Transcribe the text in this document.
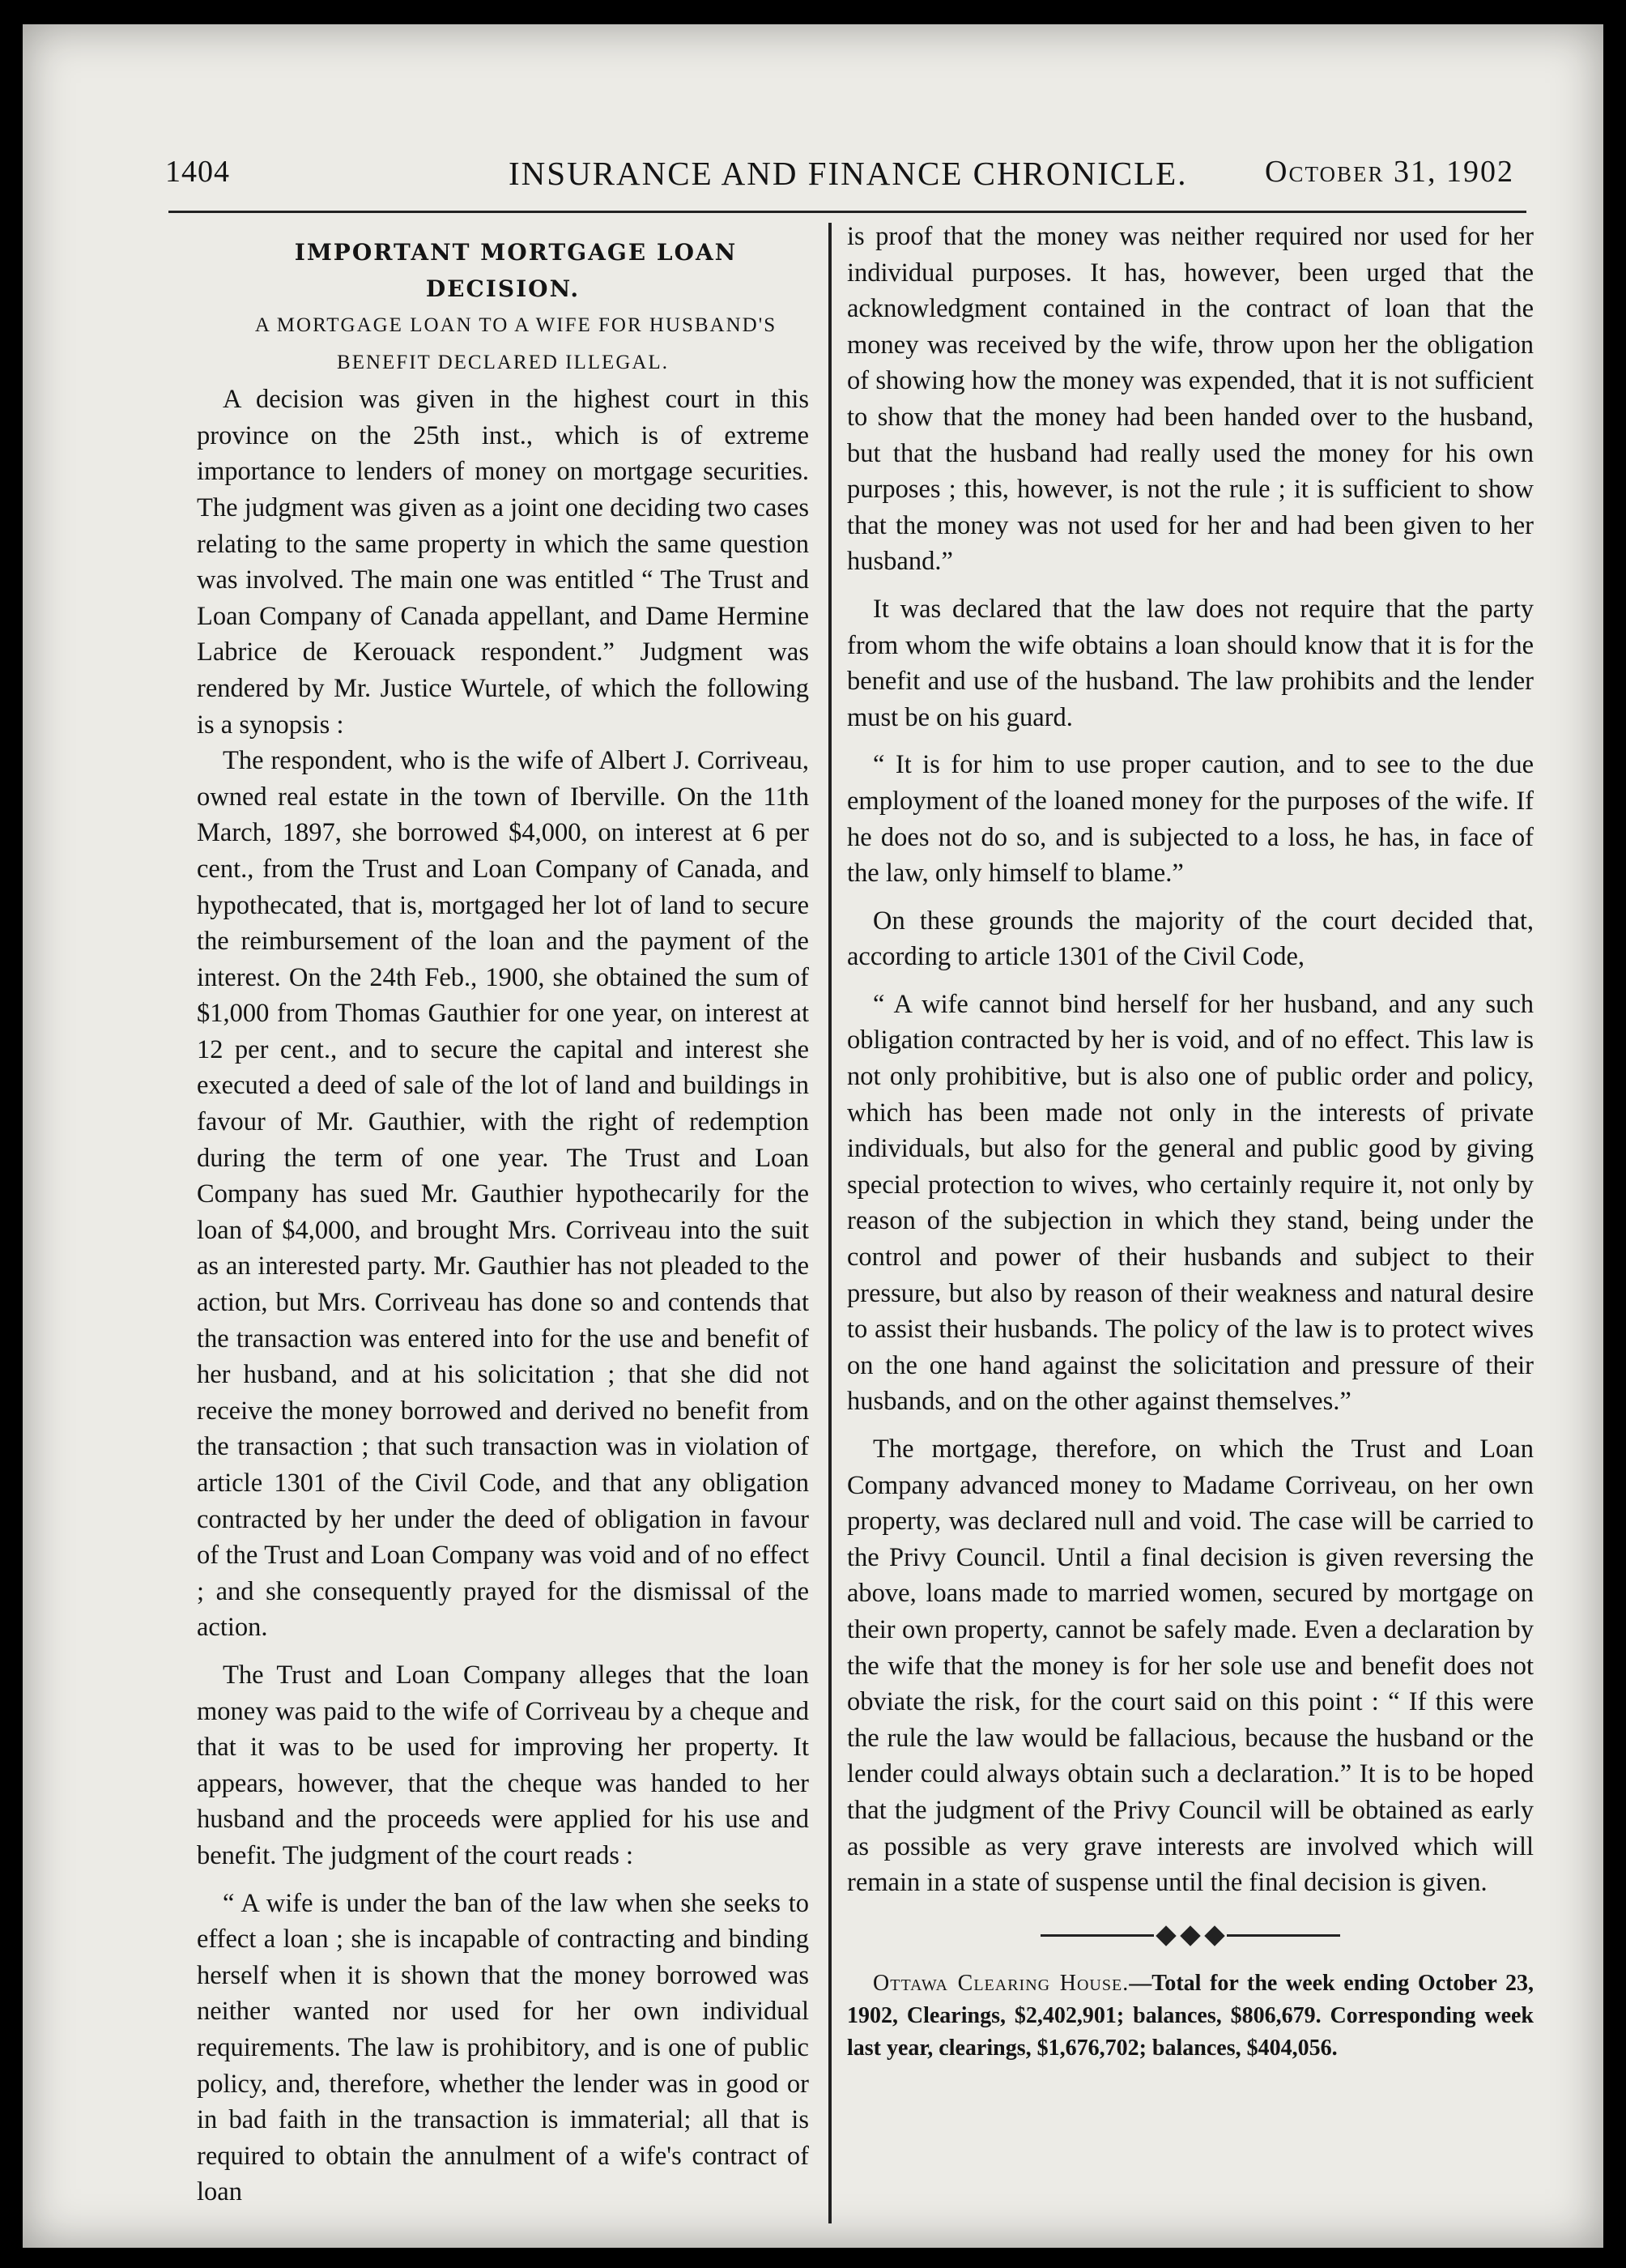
1404	INSURANCE AND FINANCE CHRONICLE.	October 31, 1902

IMPORTANT MORTGAGE LOAN DECISION.

A MORTGAGE LOAN TO A WIFE FOR HUSBAND'S BENEFIT DECLARED ILLEGAL.

A decision was given in the highest court in this province on the 25th inst., which is of extreme importance to lenders of money on mortgage securities. The judgment was given as a joint one deciding two cases relating to the same property in which the same question was involved. The main one was entitled “ The Trust and Loan Company of Canada appellant, and Dame Hermine Labrice de Kerouack respondent.” Judgment was rendered by Mr. Justice Wurtele, of which the following is a synopsis :

The respondent, who is the wife of Albert J. Corriveau, owned real estate in the town of Iberville. On the 11th March, 1897, she borrowed $4,000, on interest at 6 per cent., from the Trust and Loan Company of Canada, and hypothecated, that is, mortgaged her lot of land to secure the reimbursement of the loan and the payment of the interest. On the 24th Feb., 1900, she obtained the sum of $1,000 from Thomas Gauthier for one year, on interest at 12 per cent., and to secure the capital and interest she executed a deed of sale of the lot of land and buildings in favour of Mr. Gauthier, with the right of redemption during the term of one year. The Trust and Loan Company has sued Mr. Gauthier hypothecarily for the loan of $4,000, and brought Mrs. Corriveau into the suit as an interested party. Mr. Gauthier has not pleaded to the action, but Mrs. Corriveau has done so and contends that the transaction was entered into for the use and benefit of her husband, and at his solicitation ; that she did not receive the money borrowed and derived no benefit from the transaction ; that such transaction was in violation of article 1301 of the Civil Code, and that any obligation contracted by her under the deed of obligation in favour of the Trust and Loan Company was void and of no effect ; and she consequently prayed for the dismissal of the action.

The Trust and Loan Company alleges that the loan money was paid to the wife of Corriveau by a cheque and that it was to be used for improving her property. It appears, however, that the cheque was handed to her husband and the proceeds were applied for his use and benefit. The judgment of the court reads :

“ A wife is under the ban of the law when she seeks to effect a loan ; she is incapable of contracting and binding herself when it is shown that the money borrowed was neither wanted nor used for her own individual requirements. The law is prohibitory, and is one of public policy, and, therefore, whether the lender was in good or in bad faith in the transaction is immaterial; all that is required to obtain the annulment of a wife's contract of loan

is proof that the money was neither required nor used for her individual purposes. It has, however, been urged that the acknowledgment contained in the contract of loan that the money was received by the wife, throw upon her the obligation of showing how the money was expended, that it is not sufficient to show that the money had been handed over to the husband, but that the husband had really used the money for his own purposes ; this, however, is not the rule ; it is sufficient to show that the money was not used for her and had been given to her husband.”

It was declared that the law does not require that the party from whom the wife obtains a loan should know that it is for the benefit and use of the husband. The law prohibits and the lender must be on his guard.

“ It is for him to use proper caution, and to see to the due employment of the loaned money for the purposes of the wife. If he does not do so, and is subjected to a loss, he has, in face of the law, only himself to blame.”

On these grounds the majority of the court decided that, according to article 1301 of the Civil Code,

“ A wife cannot bind herself for her husband, and any such obligation contracted by her is void, and of no effect. This law is not only prohibitive, but is also one of public order and policy, which has been made not only in the interests of private individuals, but also for the general and public good by giving special protection to wives, who certainly require it, not only by reason of the subjection in which they stand, being under the control and power of their husbands and subject to their pressure, but also by reason of their weakness and natural desire to assist their husbands. The policy of the law is to protect wives on the one hand against the solicitation and pressure of their husbands, and on the other against themselves.”

The mortgage, therefore, on which the Trust and Loan Company advanced money to Madame Corriveau, on her own property, was declared null and void. The case will be carried to the Privy Council. Until a final decision is given reversing the above, loans made to married women, secured by mortgage on their own property, cannot be safely made. Even a declaration by the wife that the money is for her sole use and benefit does not obviate the risk, for the court said on this point : “ If this were the rule the law would be fallacious, because the husband or the lender could always obtain such a declaration.” It is to be hoped that the judgment of the Privy Council will be obtained as early as possible as very grave interests are involved which will remain in a state of suspense until the final decision is given.

Ottawa Clearing House.—Total for the week ending October 23, 1902, Clearings, $2,402,901; balances, $806,679. Corresponding week last year, clearings, $1,676,702; balances, $404,056.
